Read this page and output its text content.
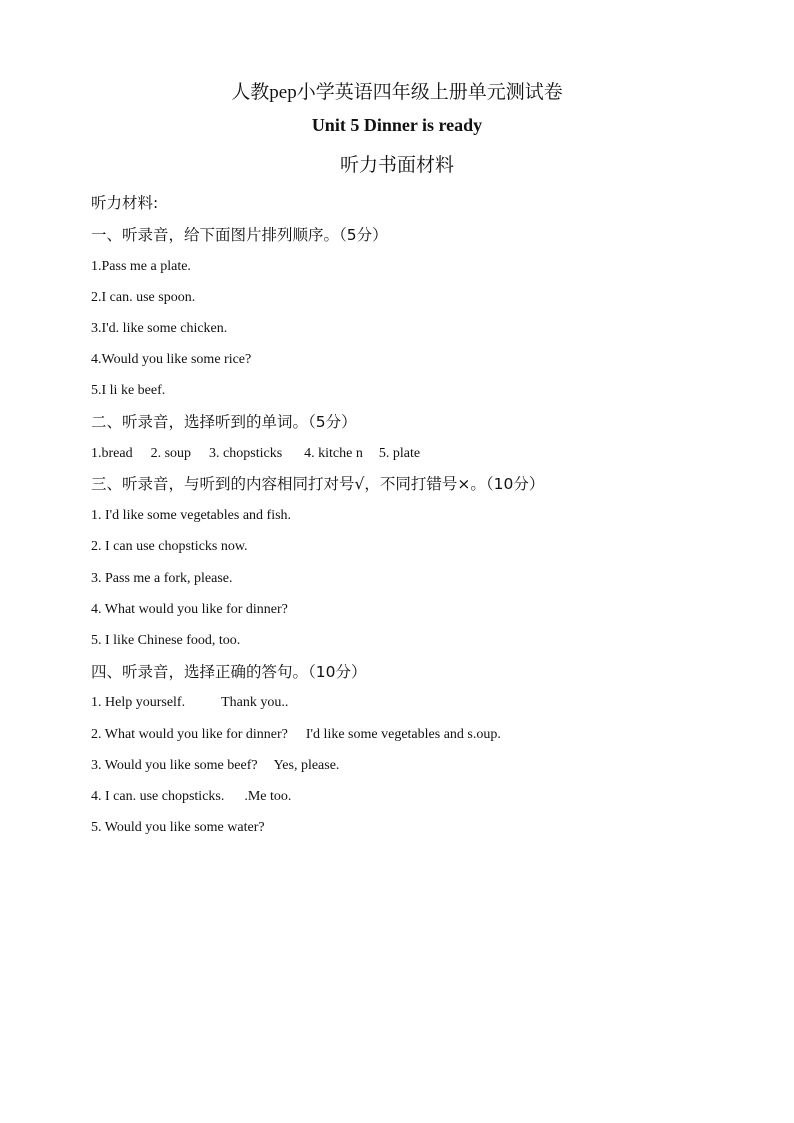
人教pep小学英语四年级上册单元测试卷
Unit 5 Dinner is ready
听力书面材料
听力材料:
一、听录音，给下面图片排列顺序。（5分）
1.Pass me a plate.
2.I can. use spoon.
3.I'd. like some chicken.
4.Would you like some rice?
5.I li ke beef.
二、听录音，选择听到的单词。（5分）
1.bread 2. soup 3. chopsticks 4. kitche n 5. plate
三、听录音，与听到的内容相同打对号√，不同打错号×。（10分）
1. I'd like some vegetables and fish.
2. I can use chopsticks now.
3. Pass me a fork, please.
4. What would you like for dinner?
5. I like Chinese food, too.
四、听录音，选择正确的答句。（10分）
1. Help yourself.	Thank you..
2. What would you like for dinner? I'd like some vegetables and s.oup.
3. Would you like some beef? Yes, please.
4. I can. use chopsticks. .Me too.
5. Would you like some water?
